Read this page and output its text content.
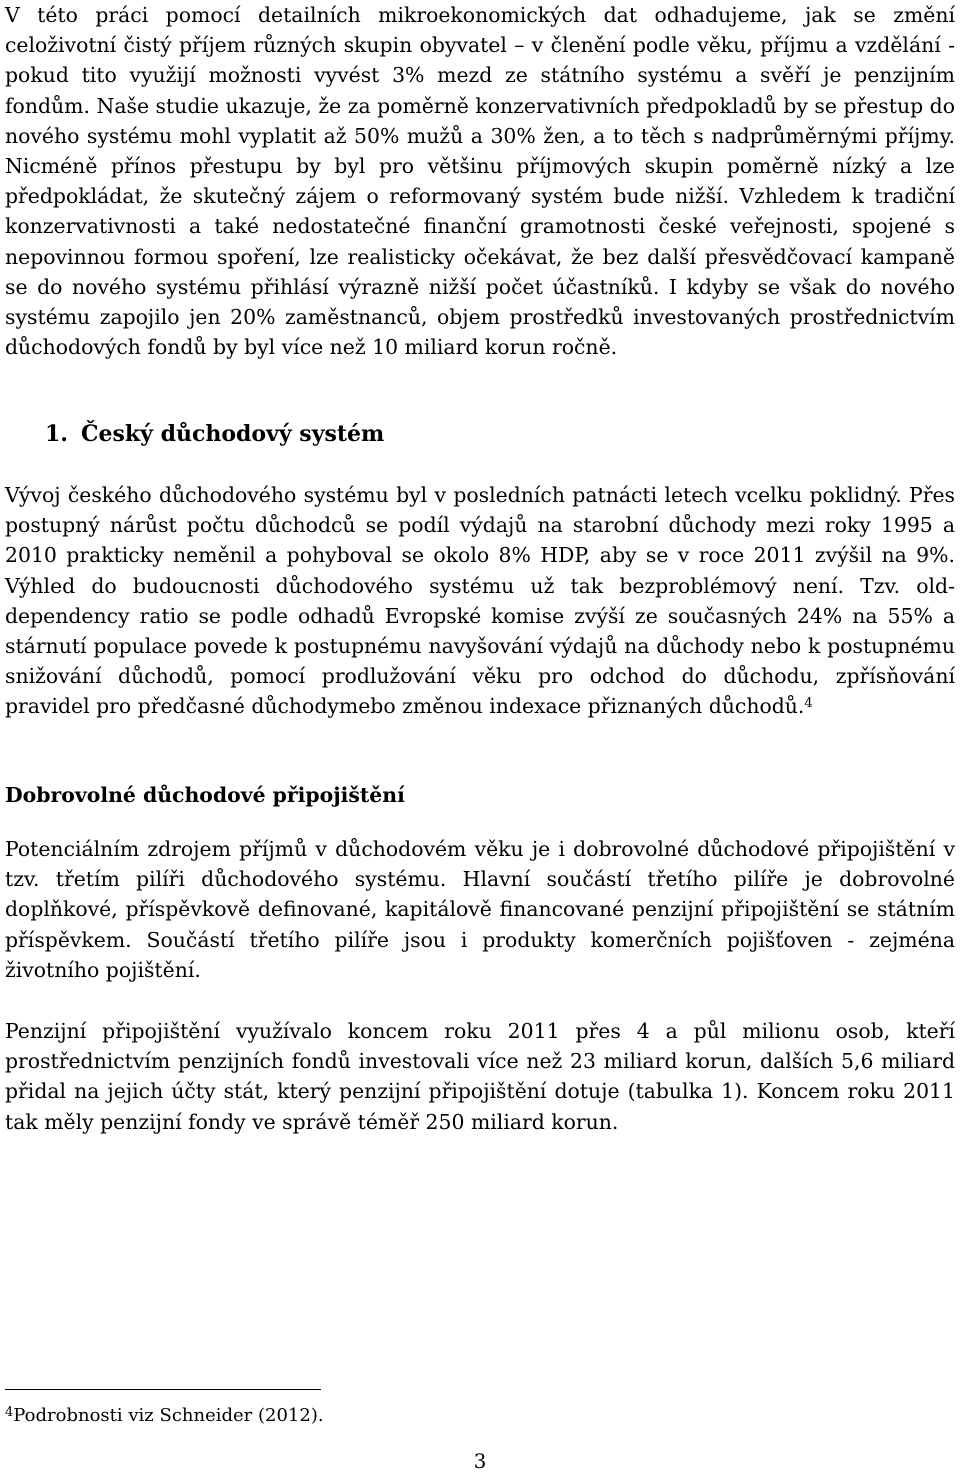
V této práci pomocí detailních mikroekonomických dat odhadujeme, jak se změní celoživotní čistý příjem různých skupin obyvatel – v členění podle věku, příjmu a vzdělání - pokud tito využijí možnosti vyvést 3% mezd ze státního systému a svěří je penzijním fondům. Naše studie ukazuje, že za poměrně konzervativních předpokladů by se přestup do nového systému mohl vyplatit až 50% mužů a 30% žen, a to těch s nadprůměrnými příjmy. Nicméně přínos přestupu by byl pro většinu příjmových skupin poměrně nízký a lze předpokládat, že skutečný zájem o reformovaný systém bude nižší. Vzhledem k tradiční konzervativnosti a také nedostatečné finanční gramotnosti české veřejnosti, spojené s nepovinnou formou spoření, lze realisticky očekávat, že bez další přesvědčovací kampaně se do nového systému přihlásí výrazně nižší počet účastníků. I kdyby se však do nového systému zapojilo jen 20% zaměstnanců, objem prostředků investovaných prostřednictvím důchodových fondů by byl více než 10 miliard korun ročně.

1. Český důchodový systém

Vývoj českého důchodového systému byl v posledních patnácti letech vcelku poklidný. Přes postupný nárůst počtu důchodců se podíl výdajů na starobní důchody mezi roky 1995 a 2010 prakticky neměnil a pohyboval se okolo 8% HDP, aby se v roce 2011 zvýšil na 9%. Výhled do budoucnosti důchodového systému už tak bezproblémový není. Tzv. old-dependency ratio se podle odhadů Evropské komise zvýší ze současných 24% na 55% a stárnutí populace povede k postupnému navyšování výdajů na důchody nebo k postupnému snižování důchodů, pomocí prodlužování věku pro odchod do důchodu, zpřísňování pravidel pro předčasné důchodymebo změnou indexace přiznaných důchodů.$^4$

Dobrovolné důchodové připojištění

Potenciálním zdrojem příjmů v důchodovém věku je i dobrovolné důchodové připojištění v tzv. třetím pilíři důchodového systému. Hlavní součástí třetího pilíře je dobrovolné doplňkové, příspěvkově definované, kapitálově financované penzijní připojištění se státním příspěvkem. Součástí třetího pilíře jsou i produkty komerčních pojišťoven - zejména životního pojištění.

Penzijní připojištění využívalo koncem roku 2011 přes 4 a půl milionu osob, kteří prostřednictvím penzijních fondů investovali více než 23 miliard korun, dalších 5,6 miliard přidal na jejich účty stát, který penzijní připojištění dotuje (tabulka 1). Koncem roku 2011 tak měly penzijní fondy ve správě téměř 250 miliard korun.

$^4$Podrobnosti viz Schneider (2012).

3
